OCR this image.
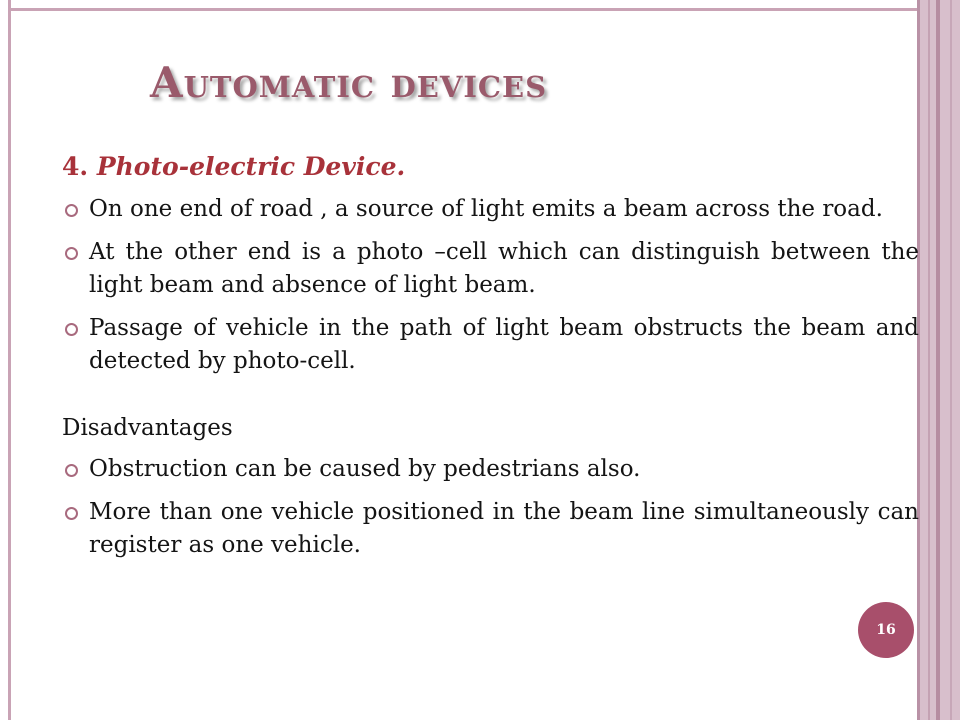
Automatic devices
4. Photo-electric Device.
On one end of road , a source of light emits a beam across the road.
At the other end is a photo –cell which can distinguish between the light beam and absence of light beam.
Passage of vehicle in the path of light beam obstructs the beam and detected by photo-cell.
Disadvantages
Obstruction can be caused by pedestrians also.
More than one vehicle positioned in the beam line simultaneously can register as one vehicle.
16
